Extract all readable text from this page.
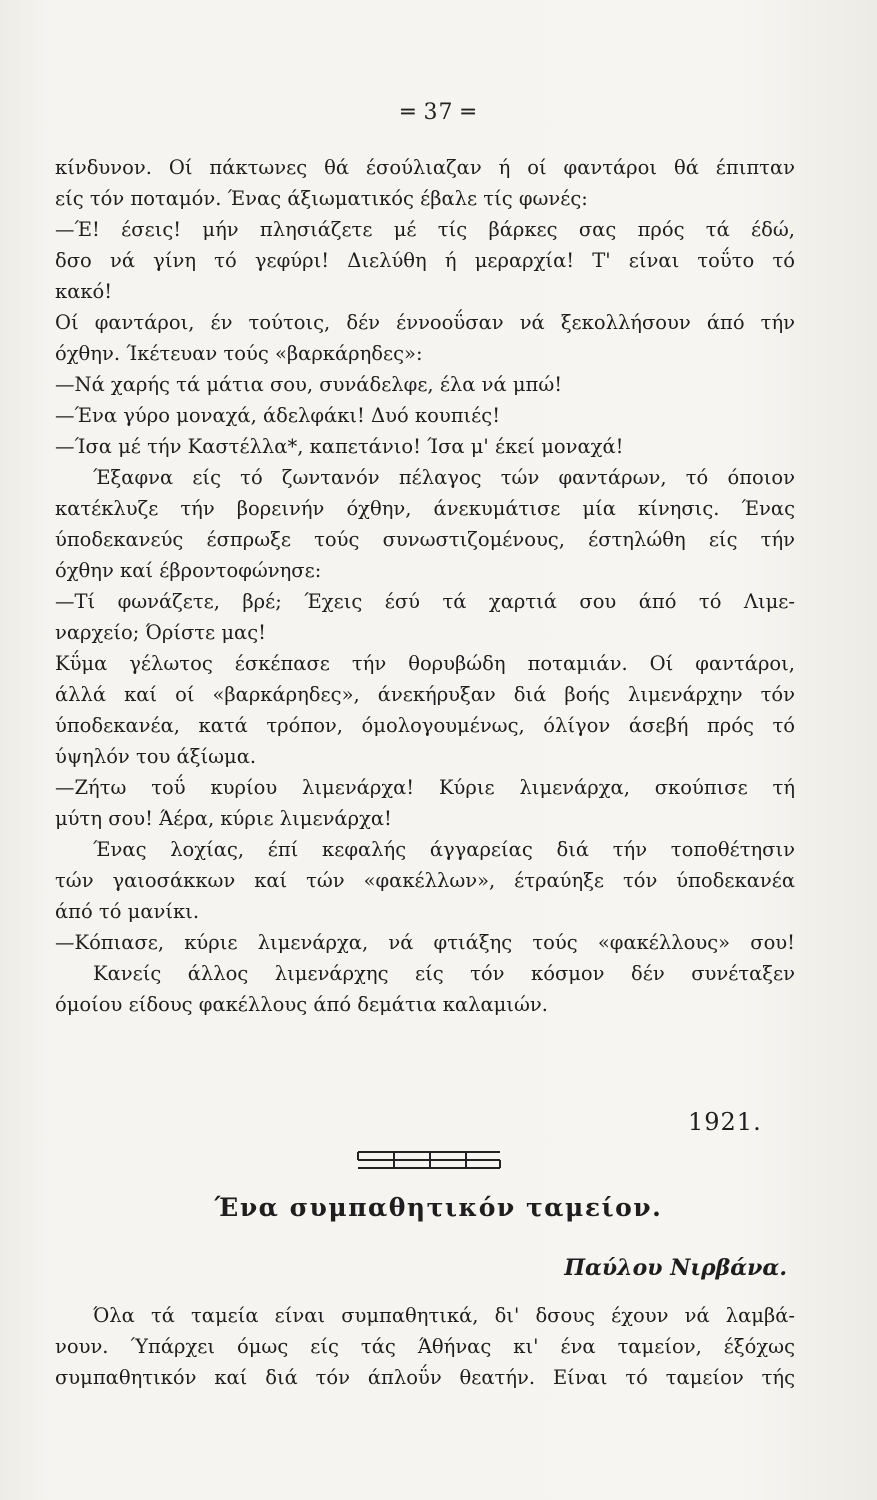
═ 37 ═
κίνδυνον. Οί πάκτωνες θά έσούλιαζαν ή οί φαντάροι θά έπιπταν
είς τόν ποταμόν. Ένας άξιωματικός έβαλε τίς φωνές:
—Έ! έσεις! μήν πλησιάζετε μέ τίς βάρκες σας πρός τά έδώ,
δσο νά γίνη τό γεφύρι! Διελύθη ή μεραρχία! Τ' είναι τοΰτο τό
κακό!
Οί φαντάροι, έν τούτοις, δέν έννοοΰσαν νά ξεκολλήσουν άπό τήν
όχθην. Ίκέτευαν τούς «βαρκάρηδες»:
—Νά χαρής τά μάτια σου, συνάδελφε, έλα νά μπώ!
—Ένα γύρο μοναχά, άδελφάκι! Δυό κουπιές!
—Ίσα μέ τήν Καστέλλα*, καπετάνιο! Ίσα μ' έκεί μοναχά!
Έξαφνα είς τό ζωντανόν πέλαγος τών φαντάρων, τό όποιον
κατέκλυζε τήν βορεινήν όχθην, άνεκυμάτισε μία κίνησις. Ένας
ύποδεκανεύς έσπρωξε τούς συνωστιζομένους, έστηλώθη είς τήν
όχθην καί έβροντοφώνησε:
—Τί φωνάζετε, βρέ; Έχεις έσύ τά χαρτιά σου άπό τό Λιμε-
ναρχείο; Όρίστε μας!
Κΰμα γέλωτος έσκέπασε τήν θορυβώδη ποταμιάν. Οί φαντάροι,
άλλά καί οί «βαρκάρηδες», άνεκήρυξαν διά βοής λιμενάρχην τόν
ύποδεκανέα, κατά τρόπον, όμολογουμένως, όλίγον άσεβή πρός τό
ύψηλόν του άξίωμα.
—Ζήτω τοΰ κυρίου λιμενάρχα! Κύριε λιμενάρχα, σκούπισε τή
μύτη σου! Άέρα, κύριε λιμενάρχα!
Ένας λοχίας, έπί κεφαλής άγγαρείας διά τήν τοποθέτησιν
τών γαιοσάκκων καί τών «φακέλλων», έτραύηξε τόν ύποδεκανέα
άπό τό μανίκι.
—Κόπιασε, κύριε λιμενάρχα, νά φτιάξης τούς «φακέλλους» σου!
Κανείς άλλος λιμενάρχης είς τόν κόσμον δέν συνέταξεν
όμοίου είδους φακέλλους άπό δεμάτια καλαμιών.
1921.
Ένα συμπαθητικόν ταμείον.
Παύλου Νιρβάνα.
Όλα τά ταμεία είναι συμπαθητικά, δι' δσους έχουν νά λαμβά-
νουν. Ύπάρχει όμως είς τάς Άθήνας κι' ένα ταμείον, έξόχως
συμπαθητικόν καί διά τόν άπλοΰν θεατήν. Είναι τό ταμείον τής
